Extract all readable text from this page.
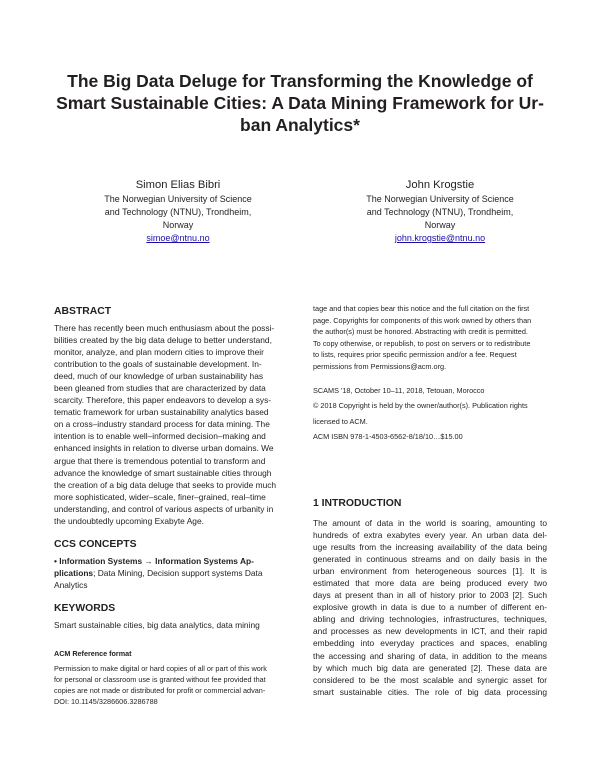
The Big Data Deluge for Transforming the Knowledge of
Smart Sustainable Cities: A Data Mining Framework for Ur-
ban Analytics*
Simon Elias Bibri
The Norwegian University of Science
and Technology (NTNU), Trondheim,
Norway
simoe@ntnu.no
John Krogstie
The Norwegian University of Science
and Technology (NTNU), Trondheim,
Norway
john.krogstie@ntnu.no
ABSTRACT
There has recently been much enthusiasm about the possi-
bilities created by the big data deluge to better understand,
monitor, analyze, and plan modern cities to improve their
contribution to the goals of sustainable development. In-
deed, much of our knowledge of urban sustainability has
been gleaned from studies that are characterized by data
scarcity. Therefore, this paper endeavors to develop a sys-
tematic framework for urban sustainability analytics based
on a cross–industry standard process for data mining. The
intention is to enable well–informed decision–making and
enhanced insights in relation to diverse urban domains. We
argue that there is tremendous potential to transform and
advance the knowledge of smart sustainable cities through
the creation of a big data deluge that seeks to provide much
more sophisticated, wider–scale, finer–grained, real–time
understanding, and control of various aspects of urbanity in
the undoubtedly upcoming Exabyte Age.
CCS CONCEPTS
• Information Systems → Information Systems Ap-
plications; Data Mining, Decision support systems Data
Analytics
KEYWORDS
Smart sustainable cities, big data analytics, data mining
ACM Reference format
Permission to make digital or hard copies of all or part of this work
for personal or classroom use is granted without fee provided that
copies are not made or distributed for profit or commercial advan-
DOI: 10.1145/3286606.3286788
tage and that copies bear this notice and the full citation on the first
page. Copyrights for components of this work owned by others than
the author(s) must be honored. Abstracting with credit is permitted.
To copy otherwise, or republish, to post on servers or to redistribute
to lists, requires prior specific permission and/or a fee. Request
permissions from Permissions@acm.org.
SCAMS '18, October 10–11, 2018, Tetouan, Morocco
© 2018 Copyright is held by the owner/author(s). Publication rights
licensed to ACM.
ACM ISBN 978-1-4503-6562-8/18/10…$15.00
1 INTRODUCTION
The amount of data in the world is soaring, amounting to
hundreds of extra exabytes every year. An urban data del-
uge results from the increasing availability of the data being
generated in continuous streams and on daily basis in the
urban environment from heterogeneous sources [1]. It is
estimated that more data are being produced every two
days at present than in all of history prior to 2003 [2]. Such
explosive growth in data is due to a number of different en-
abling and driving technologies, infrastructures, techniques,
and processes as new developments in ICT, and their rapid
embedding into everyday practices and spaces, enabling
the accessing and sharing of data, in addition to the means
by which much big data are generated [2]. These data are
considered to be the most scalable and synergic asset for
smart sustainable cities. The role of big data processing
